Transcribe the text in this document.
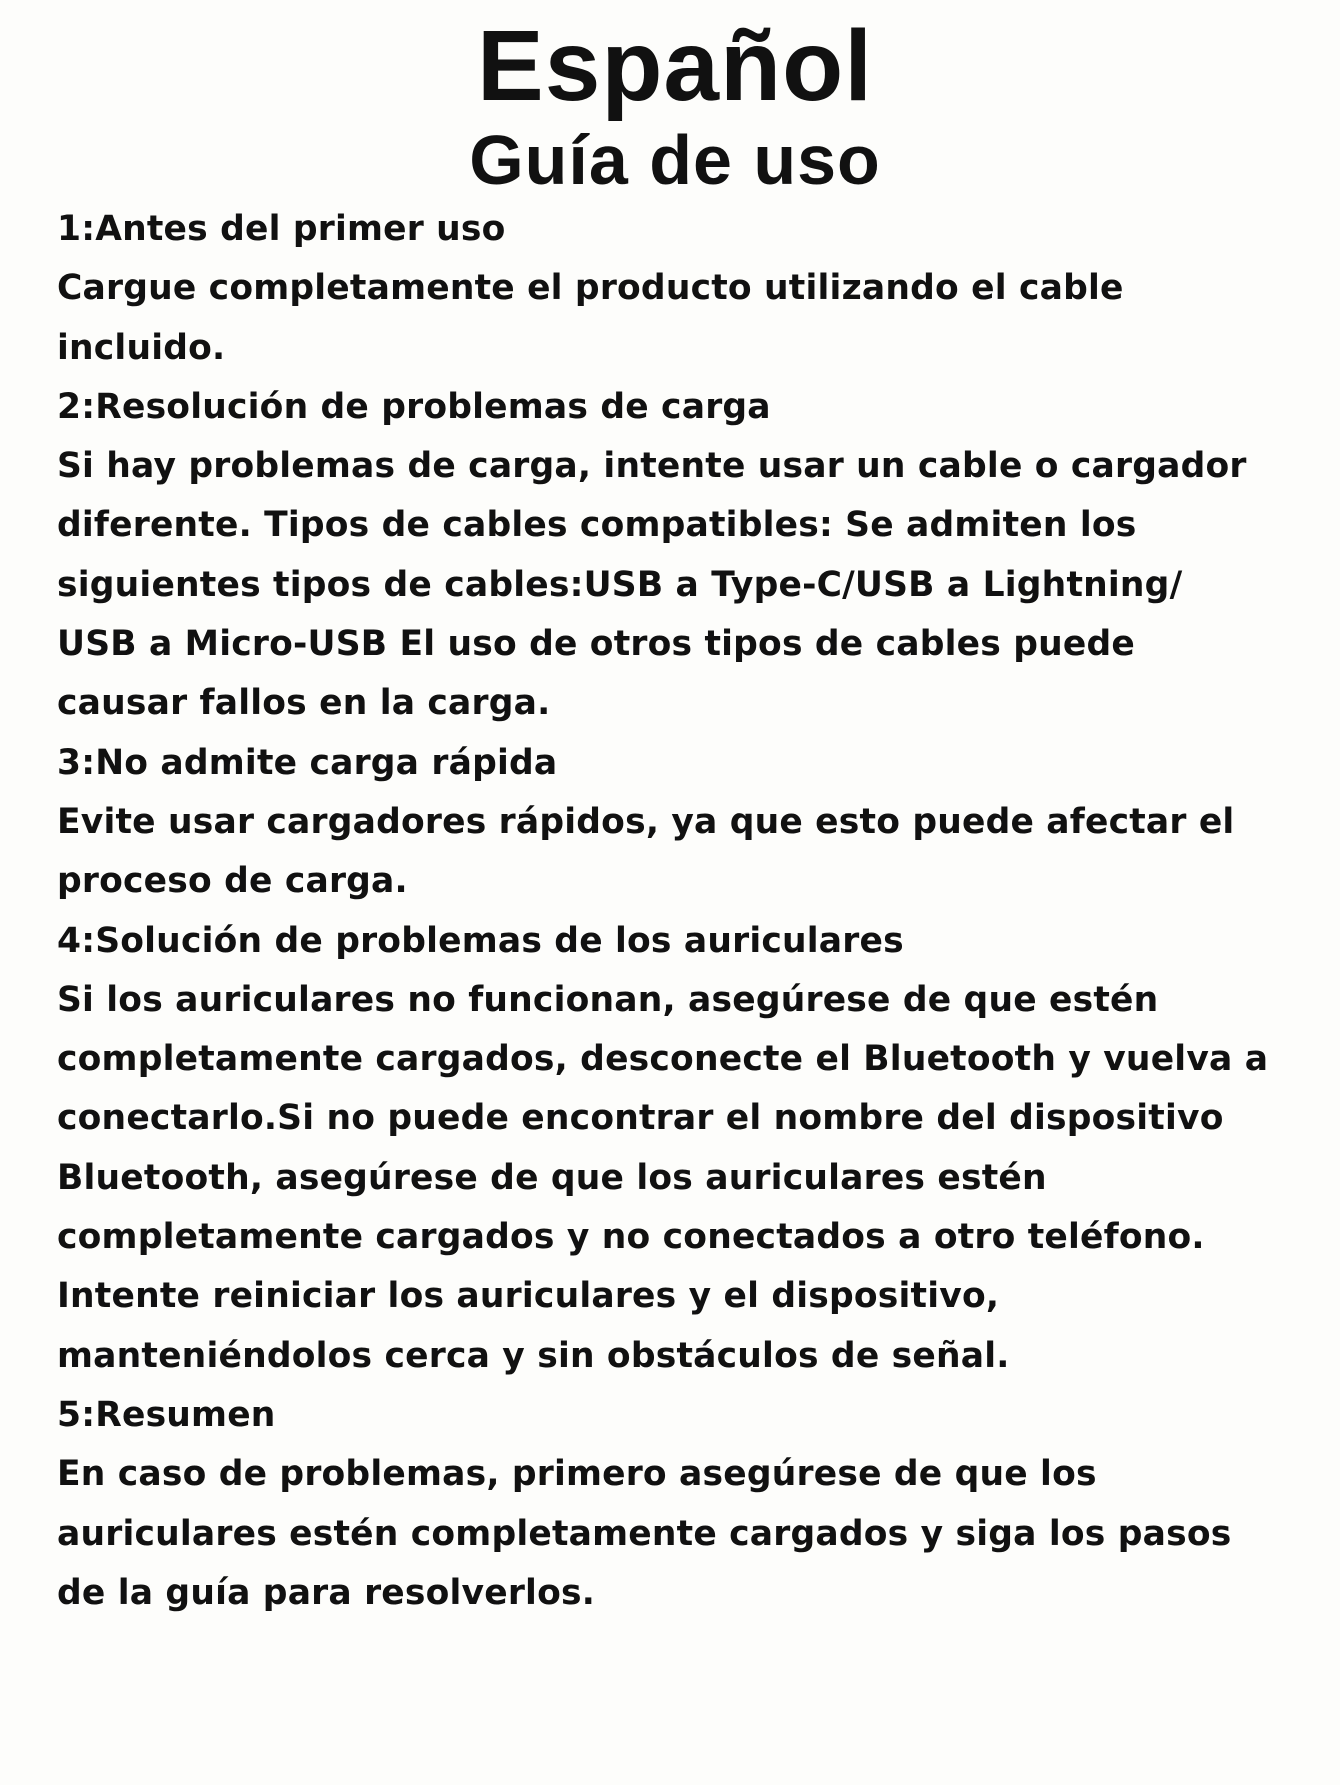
Español
Guía de uso
1:Antes del primer uso
Cargue completamente el producto utilizando el cable
incluido.
2:Resolución de problemas de carga
Si hay problemas de carga, intente usar un cable o cargador
diferente. Tipos de cables compatibles: Se admiten los
siguientes tipos de cables:USB a Type-C/USB a Lightning/
USB a Micro-USB El uso de otros tipos de cables puede
causar fallos en la carga.
3:No admite carga rápida
Evite usar cargadores rápidos, ya que esto puede afectar el
proceso de carga.
4:Solución de problemas de los auriculares
Si los auriculares no funcionan, asegúrese de que estén
completamente cargados, desconecte el Bluetooth y vuelva a
conectarlo.Si no puede encontrar el nombre del dispositivo
Bluetooth, asegúrese de que los auriculares estén
completamente cargados y no conectados a otro teléfono.
Intente reiniciar los auriculares y el dispositivo,
manteniéndolos cerca y sin obstáculos de señal.
5:Resumen
En caso de problemas, primero asegúrese de que los
auriculares estén completamente cargados y siga los pasos
de la guía para resolverlos.
